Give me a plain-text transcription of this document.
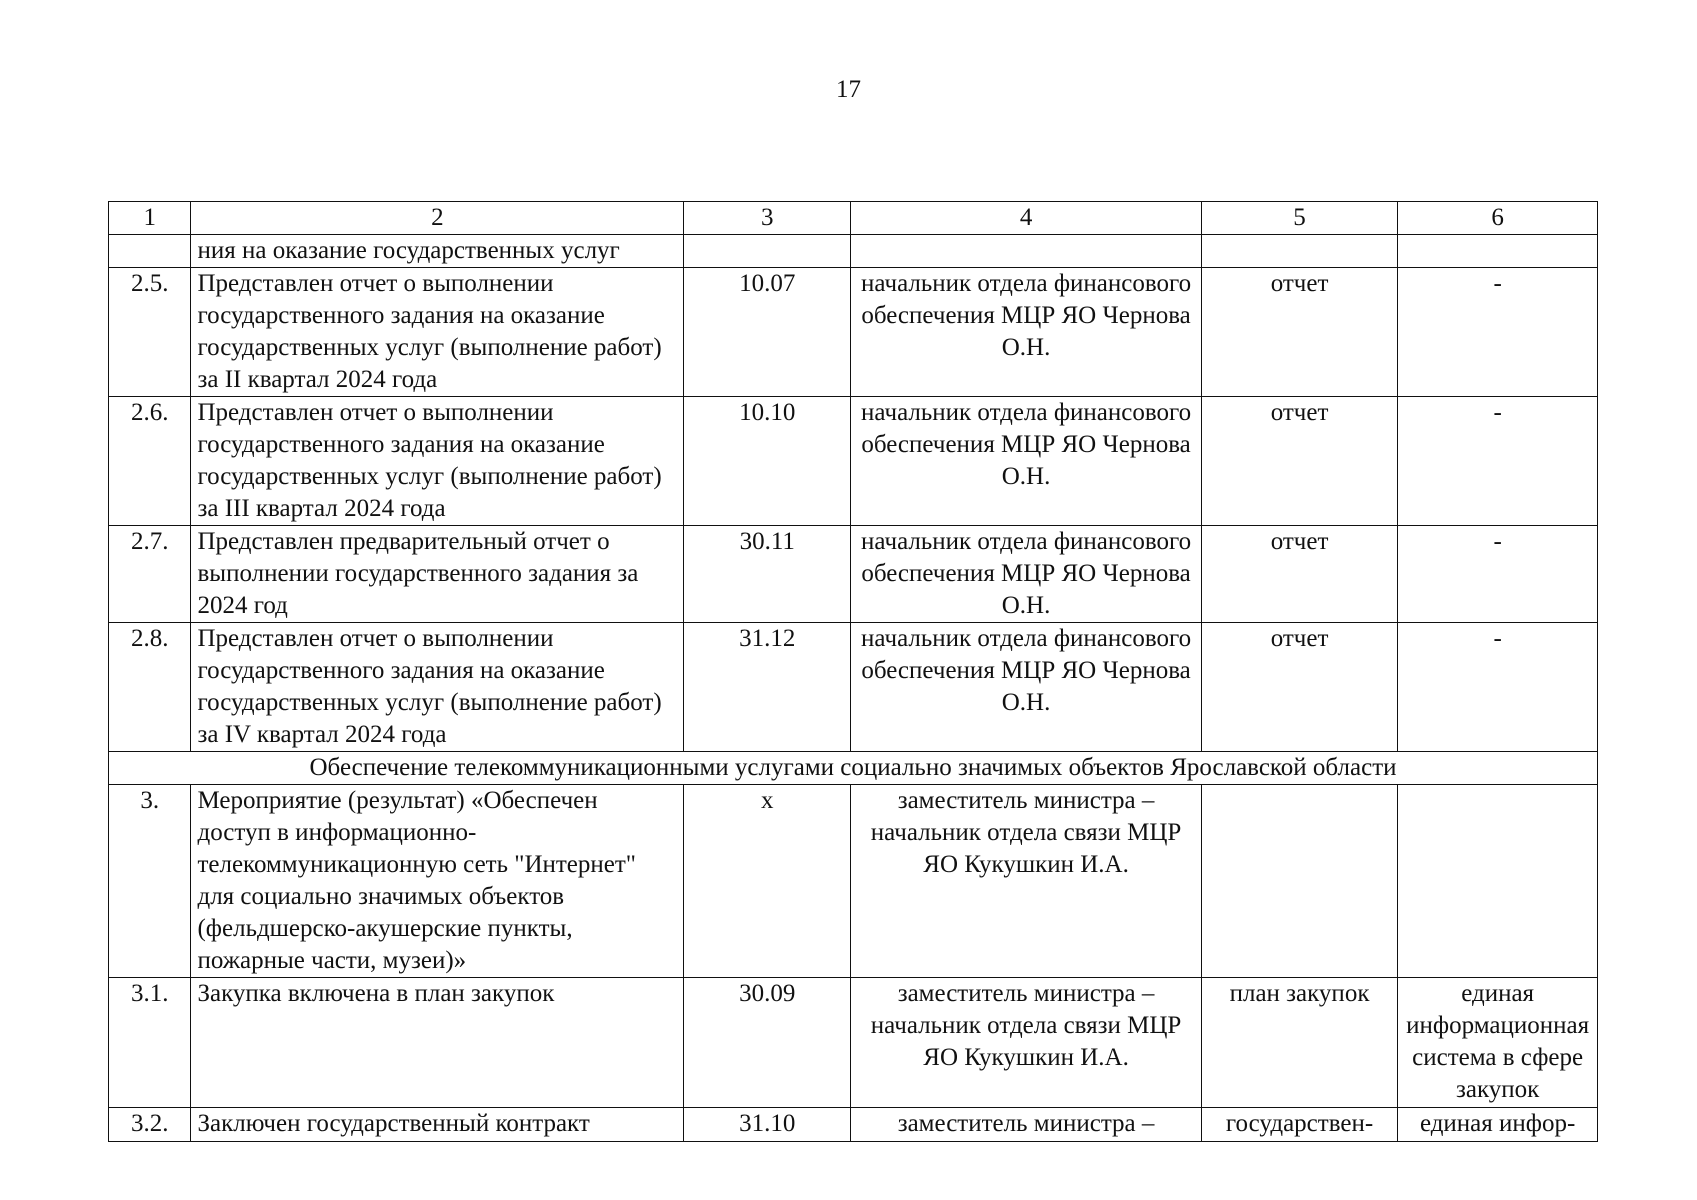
17
1	2	3	4	5	6
	ния на оказание государственных услуг				
2.5.	Представлен отчет о выполнении государственного задания на оказание государственных услуг (выполнение работ) за II квартал 2024 года	10.07	начальник отдела финансового обеспечения МЦР ЯО Чернова О.Н.	отчет	-
2.6.	Представлен отчет о выполнении государственного задания на оказание государственных услуг (выполнение работ) за III квартал 2024 года	10.10	начальник отдела финансового обеспечения МЦР ЯО Чернова О.Н.	отчет	-
2.7.	Представлен предварительный отчет о выполнении государственного задания за 2024 год	30.11	начальник отдела финансового обеспечения МЦР ЯО Чернова О.Н.	отчет	-
2.8.	Представлен отчет о выполнении государственного задания на оказание государственных услуг (выполнение работ) за IV квартал 2024 года	31.12	начальник отдела финансового обеспечения МЦР ЯО Чернова О.Н.	отчет	-
Обеспечение телекоммуникационными услугами социально значимых объектов Ярославской области					
3.	Мероприятие (результат) «Обеспечен доступ в информационно-телекоммуникационную сеть "Интернет" для социально значимых объектов (фельдшерско-акушерские пункты, пожарные части, музеи)»	х	заместитель министра – начальник отдела связи МЦР ЯО Кукушкин И.А.		
3.1.	Закупка включена в план закупок	30.09	заместитель министра – начальник отдела связи МЦР ЯО Кукушкин И.А.	план закупок	единая информационная система в сфере закупок
3.2.	Заключен государственный контракт	31.10	заместитель министра –	государствен-	единая инфор-
